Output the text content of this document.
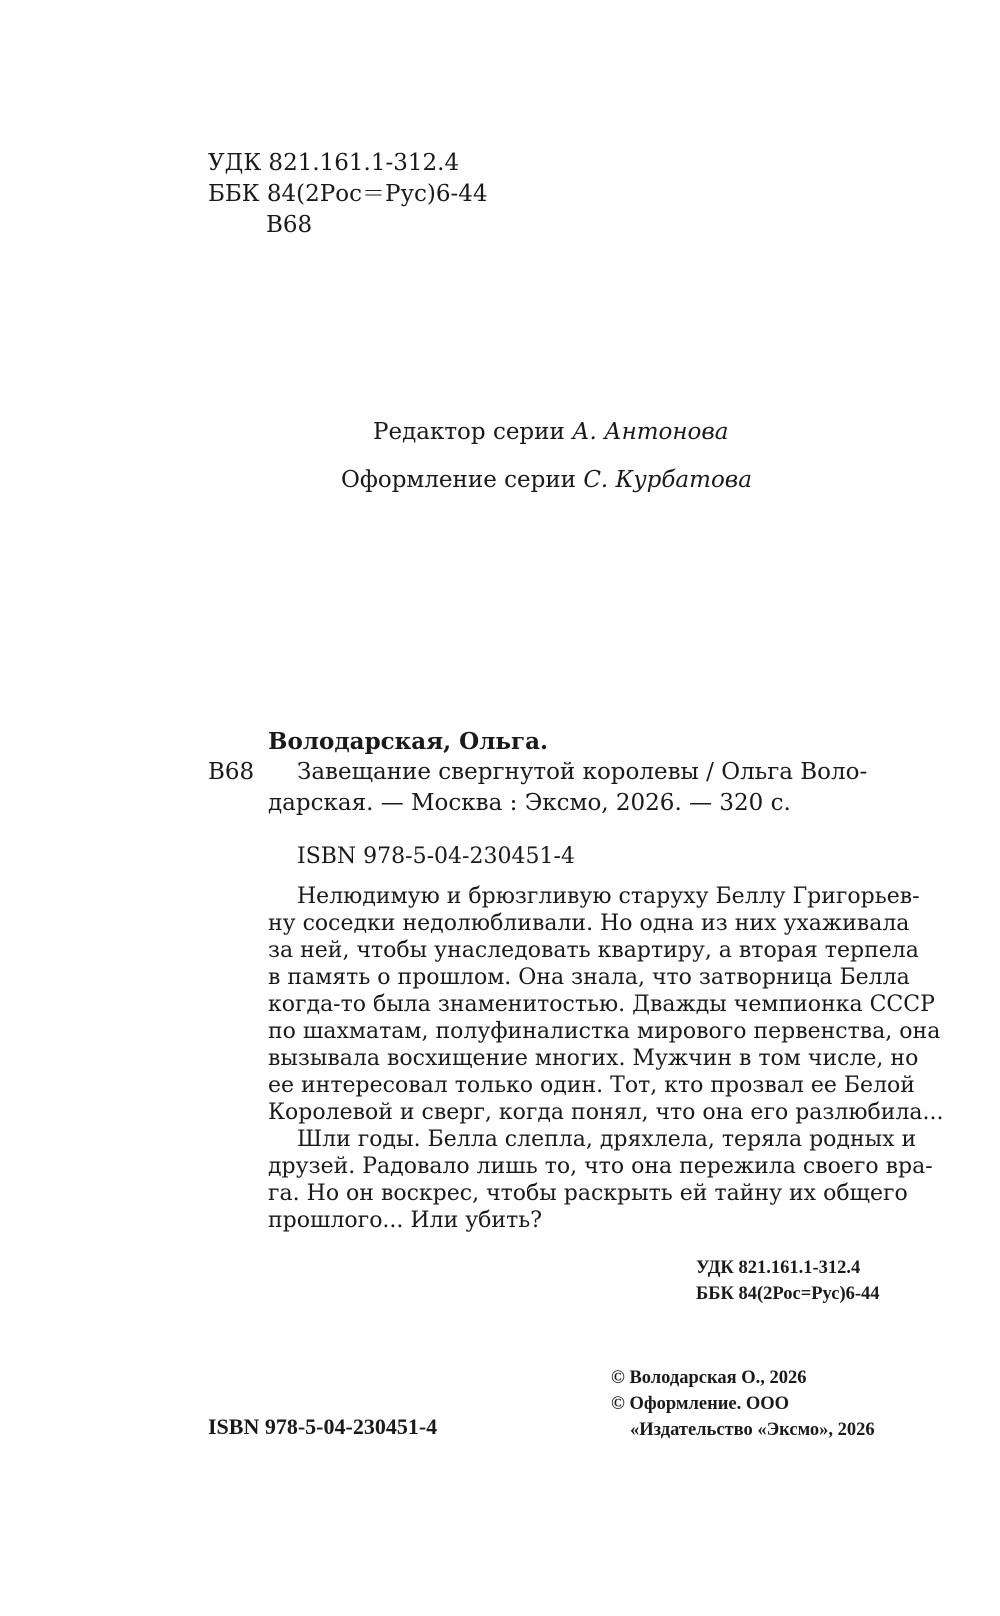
УДК 821.161.1-312.4
ББК 84(2Рос＝Рус)6-44
В68
Редактор серии А. Антонова
Оформление серии С. Курбатова
Володарская, Ольга.
В68 Завещание свергнутой королевы / Ольга Воло-
дарская. — Москва : Эксмо, 2026. — 320 с.
ISBN 978-5-04-230451-4
Нелюдимую и брюзгливую старуху Беллу Григорьев-
ну соседки недолюбливали. Но одна из них ухаживала
за ней, чтобы унаследовать квартиру, а вторая терпела
в память о прошлом. Она знала, что затворница Белла
когда-то была знаменитостью. Дважды чемпионка СССР
по шахматам, полуфиналистка мирового первенства, она
вызывала восхищение многих. Мужчин в том числе, но
ее интересовал только один. Тот, кто прозвал ее Белой
Королевой и сверг, когда понял, что она его разлюбила...
Шли годы. Белла слепла, дряхлела, теряла родных и
друзей. Радовало лишь то, что она пережила своего вра-
га. Но он воскрес, чтобы раскрыть ей тайну их общего
прошлого... Или убить?
УДК 821.161.1-312.4
ББК 84(2Рос=Рус)6-44
© Володарская О., 2026
© Оформление. ООО
«Издательство «Эксмо», 2026
ISBN 978-5-04-230451-4
